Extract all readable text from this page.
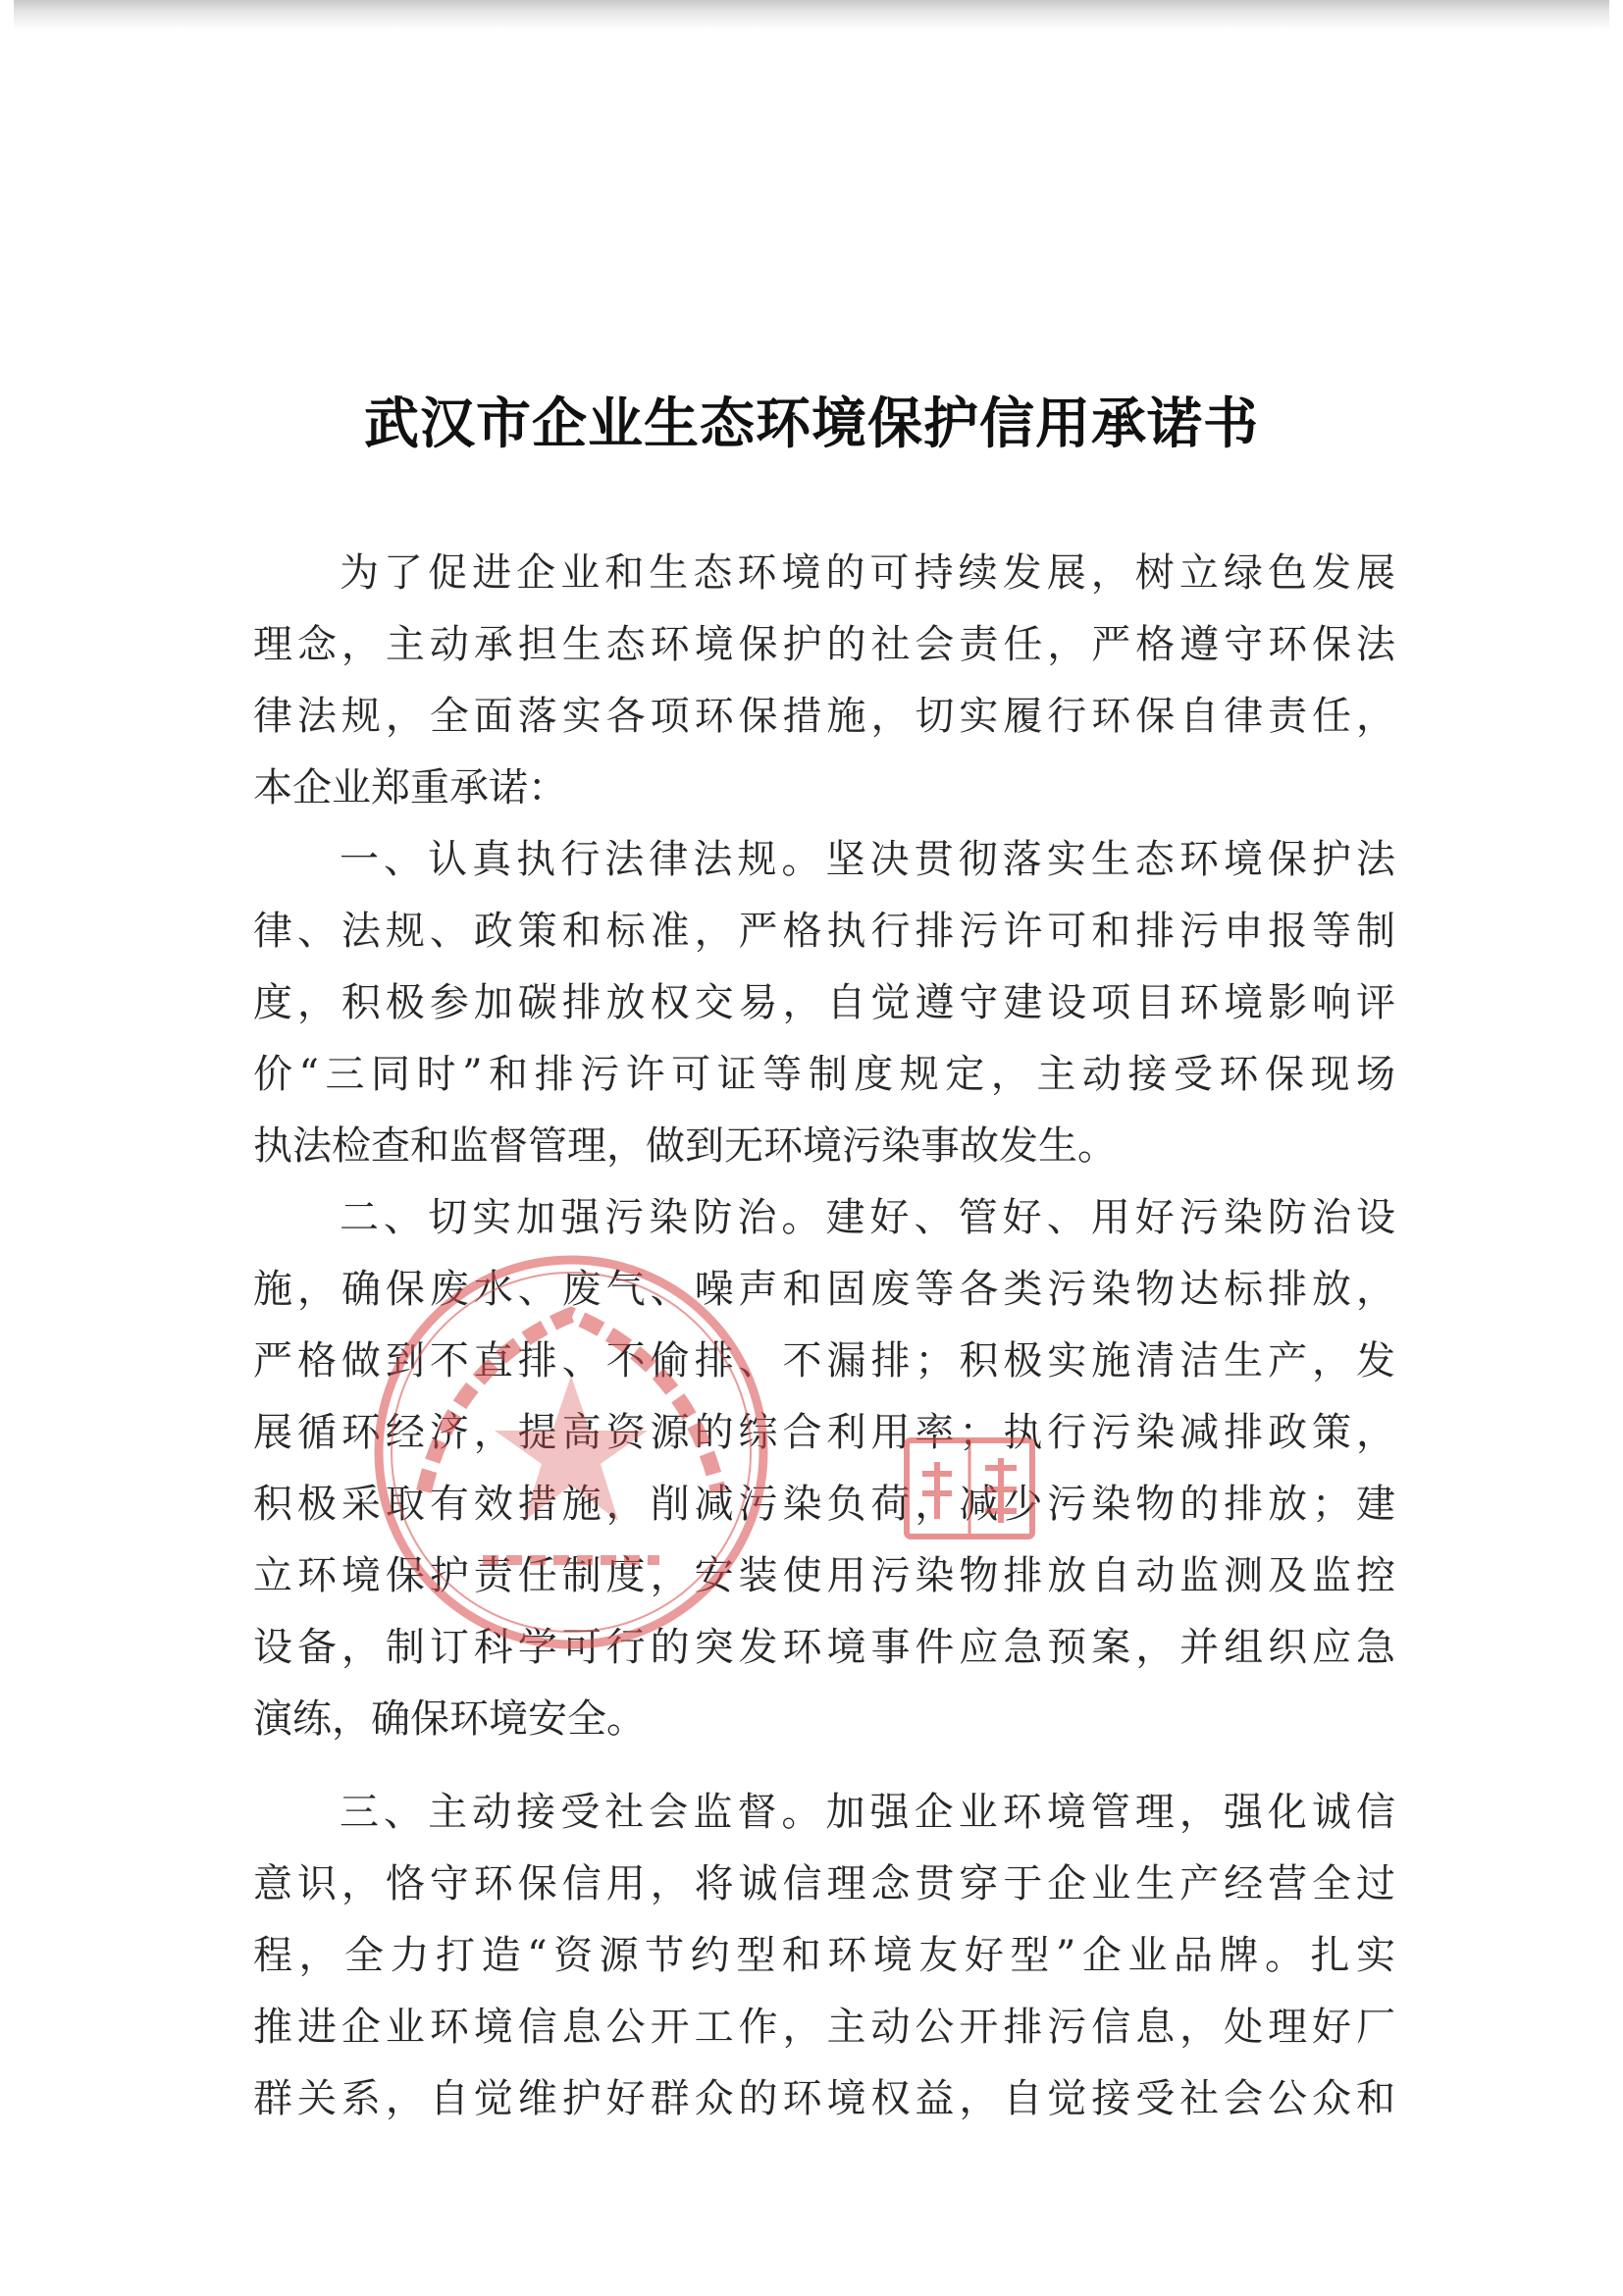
武汉市企业生态环境保护信用承诺书
为了促进企业和生态环境的可持续发展，树立绿色发展
理念，主动承担生态环境保护的社会责任，严格遵守环保法
律法规，全面落实各项环保措施，切实履行环保自律责任，
本企业郑重承诺：
一、认真执行法律法规。坚决贯彻落实生态环境保护法
律、法规、政策和标准，严格执行排污许可和排污申报等制
度，积极参加碳排放权交易，自觉遵守建设项目环境影响评
价“三同时”和排污许可证等制度规定，主动接受环保现场
执法检查和监督管理，做到无环境污染事故发生。
二、切实加强污染防治。建好、管好、用好污染防治设
施，确保废水、废气、噪声和固废等各类污染物达标排放，
严格做到不直排、不偷排、不漏排；积极实施清洁生产，发
展循环经济，提高资源的综合利用率；执行污染减排政策，
积极采取有效措施，削减污染负荷，减少污染物的排放；建
立环境保护责任制度，安装使用污染物排放自动监测及监控
设备，制订科学可行的突发环境事件应急预案，并组织应急
演练，确保环境安全。
三、主动接受社会监督。加强企业环境管理，强化诚信
意识，恪守环保信用，将诚信理念贯穿于企业生产经营全过
程，全力打造“资源节约型和环境友好型”企业品牌。扎实
推进企业环境信息公开工作，主动公开排污信息，处理好厂
群关系，自觉维护好群众的环境权益，自觉接受社会公众和
